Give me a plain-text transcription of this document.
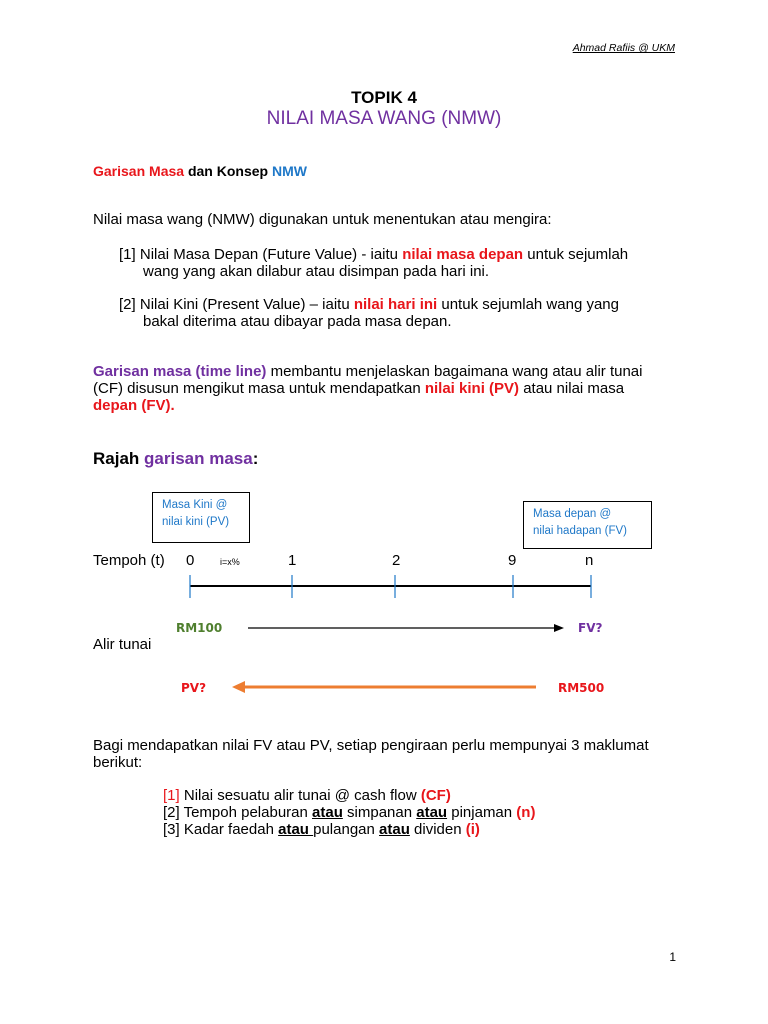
Ahmad Rafiis @ UKM
TOPIK 4
NILAI MASA WANG (NMW)
Garisan Masa dan Konsep NMW
Nilai masa wang (NMW) digunakan untuk menentukan atau mengira:
[1] Nilai Masa Depan (Future Value) - iaitu nilai masa depan untuk sejumlah
wang yang akan dilabur atau disimpan pada hari ini.
[2] Nilai Kini (Present Value) – iaitu nilai hari ini untuk sejumlah wang yang
bakal diterima atau dibayar pada masa depan.
Garisan masa (time line) membantu menjelaskan bagaimana wang atau alir tunai
(CF) disusun mengikut masa untuk mendapatkan nilai kini (PV) atau nilai masa
depan (FV).
Rajah garisan masa:
Masa Kini @
nilai kini (PV)
Masa depan @
nilai hadapan (FV)
Tempoh (t) 0	i=x%	1	2	9	n
RM100	FV?
Alir tunai
PV?	RM500
Bagi mendapatkan nilai FV atau PV, setiap pengiraan perlu mempunyai 3 maklumat
berikut:
[1] Nilai sesuatu alir tunai @ cash flow (CF)
[2] Tempoh pelaburan atau simpanan atau pinjaman (n)
[3] Kadar faedah atau pulangan atau dividen (i)
1
